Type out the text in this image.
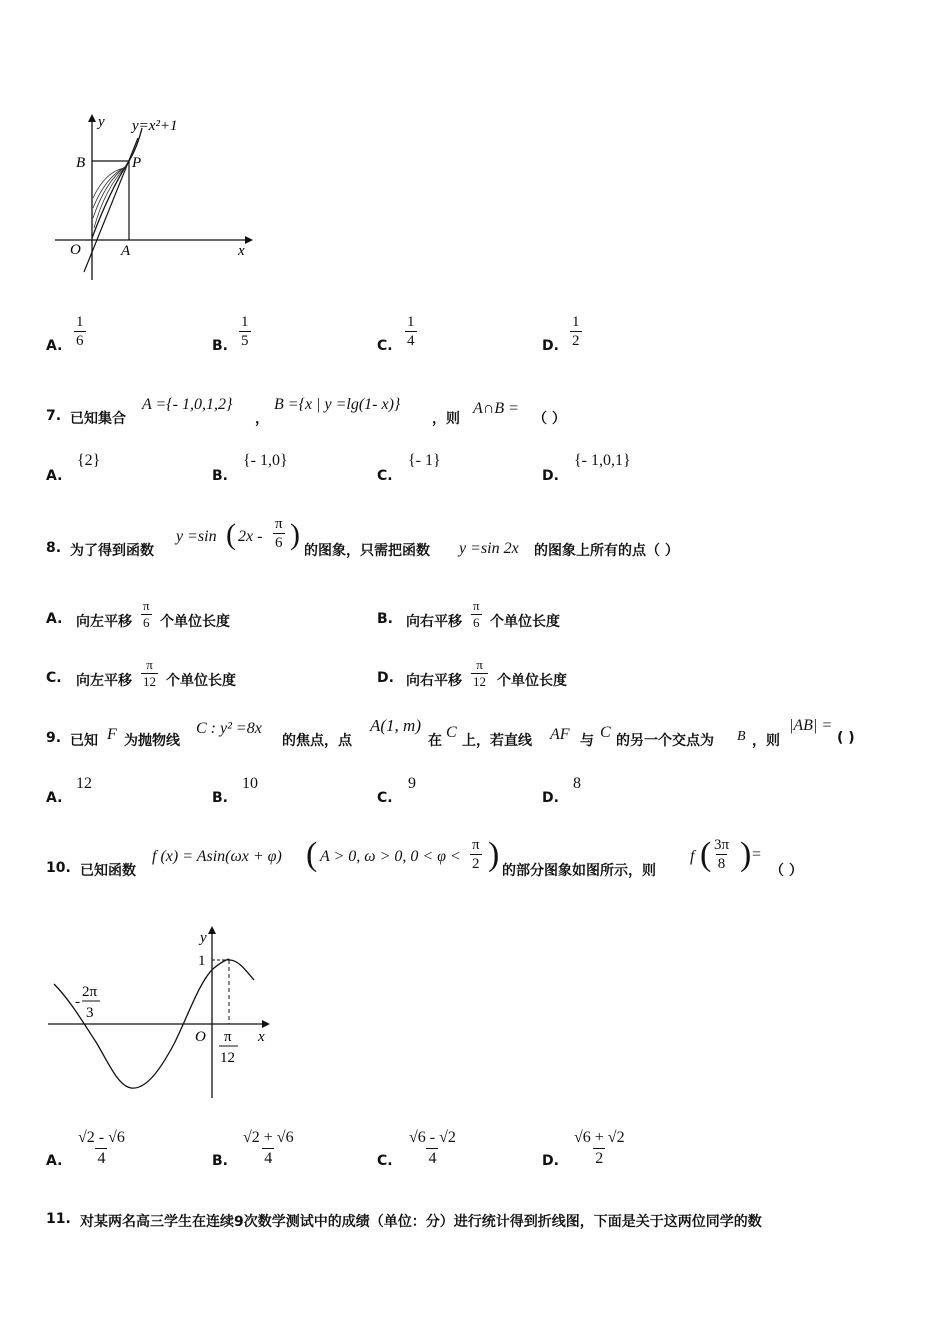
y y=x²+1
B	P
O	A	x
A. $\frac{1}{6}$	B. $\frac{1}{5}$	C. $\frac{1}{4}$	D. $\frac{1}{2}$
7. 已知集合
A ={- 1,0,1,2}
，
B ={x | y =lg(1- x)}
，则
A∩B =
（ ）
A.
{2}
B.
{- 1,0}
C.
{- 1}
D.
{- 1,0,1}
8. 为了得到函数
y =sin ( $2x - \frac{\pi}{6}$ ) 的图象，只需把函数 y =sin 2x 的图象上所有的点（ ）
A. 向左平移 $\frac{\pi}{6}$ 个单位长度	B. 向右平移 $\frac{\pi}{6}$ 个单位长度
C. 向左平移 $\frac{\pi}{12}$ 个单位长度	D. 向右平移 $\frac{\pi}{12}$ 个单位长度
9. 已知 F 为抛物线
C : y² =8x
的焦点，点
A(1, m)
在 C 上，若直线 AF 与 C 的另一个交点为 B ，则
|AB| =
( )
A.
12
B.
10
C.
9
D.
8
10. 已知函数
f (x) = Asin(ωx + φ) ( A > 0, ω > 0, $0 < \varphi < \frac{\pi}{2}$ ) 的部分图象如图所示，则
f ( $\frac{3\pi}{8}$ ) =
（ ）
y
1
O	x
-
2π
3
π
12
A. $\frac{√2 - √6}{4}$	B. $\frac{√2 + √6}{4}$	C. $\frac{√6 - √2}{4}$	D. $\frac{√6 + √2}{2}$
11. 对某两名高三学生在连续9次数学测试中的成绩（单位：分）进行统计得到折线图，下面是关于这两位同学的数
